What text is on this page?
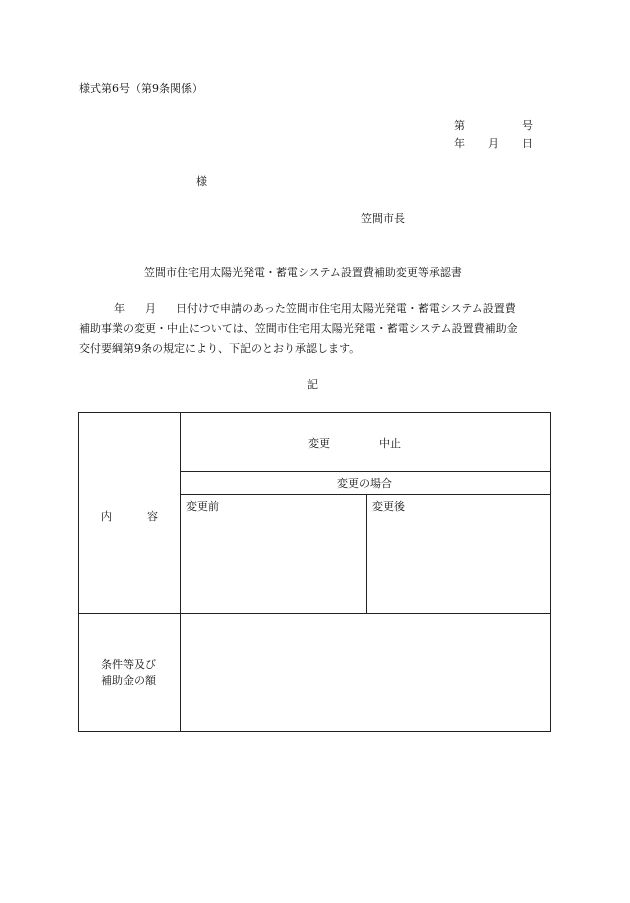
様式第6号（第9条関係）
第	号
年 月 日
様
笠間市長
笠間市住宅用太陽光発電・蓄電システム設置費補助変更等承認書
年 月 日付けで申請のあった笠間市住宅用太陽光発電・蓄電システム設置費
補助事業の変更・中止については、笠間市住宅用太陽光発電・蓄電システム設置費補助金
交付要綱第9条の規定により、下記のとおり承認します。
記
内	容
変更	中止
変更の場合
変更前	変更後
条件等及び
補助金の額
